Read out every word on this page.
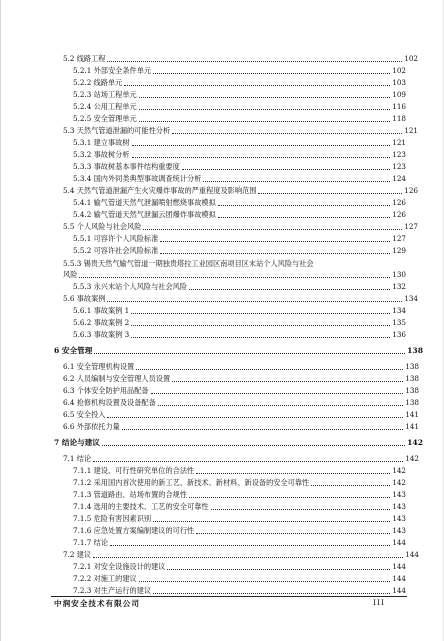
5.2 线路工程	102
5.2.1 外部安全条件单元	102
5.2.2 线路单元	103
5.2.3 站场工程单元	109
5.2.4 公用工程单元	116
5.2.5 安全管理单元	118
5.3 天然气管道泄漏的可能性分析	121
5.3.1 建立事故树	121
5.3.2 事故树分析	123
5.3.3 事故树基本事件结构重要度	123
5.3.4 国内外同类典型事故调查统计分析	124
5.4 天然气管道泄漏产生火灾爆炸事故的严重程度及影响范围	126
5.4.1 输气管道天然气泄漏喷射燃烧事故模拟	126
5.4.2 输气管道天然气泄漏云团爆炸事故模拟	126
5.5 个人风险与社会风险	127
5.5.1 可容许个人风险标准	127
5.5.2 可容许社会风险标准	129
5.5.3 锡贵天然气输气管道一期独贵塔拉工业园区南项目区末站个人风险与社会
风险	130
5.5.3 永兴末站个人风险与社会风险	132
5.6 事故案例	134
5.6.1 事故案例 1	134
5.6.2 事故案例 2	135
5.6.3 事故案例 3	136
6 安全管理	138
6.1 安全管理机构设置	138
6.2 人员编制与安全管理人员设置	138
6.3 个体安全防护用品配备	138
6.4 抢修机构设置及设备配备	138
6.5 安全投入	141
6.6 外部依托力量	141
7 结论与建议	142
7.1 结论	142
7.1.1 建设、可行性研究单位的合法性	142
7.1.2 采用国内首次使用的新工艺、新技术、新材料、新设备的安全可靠性	142
7.1.3 管道路由、站场布置的合规性	143
7.1.4 选用的主要技术、工艺的安全可靠性	143
7.1.5 危险有害因素识别	143
7.1.6 应急处置方案编制建议的可行性	143
7.1.7 结论	144
7.2 建议	144
7.2.1 对安全设施设计的建议	144
7.2.2 对施工的建议	144
7.2.3 对生产运行的建议	144
中润安全技术有限公司	III
